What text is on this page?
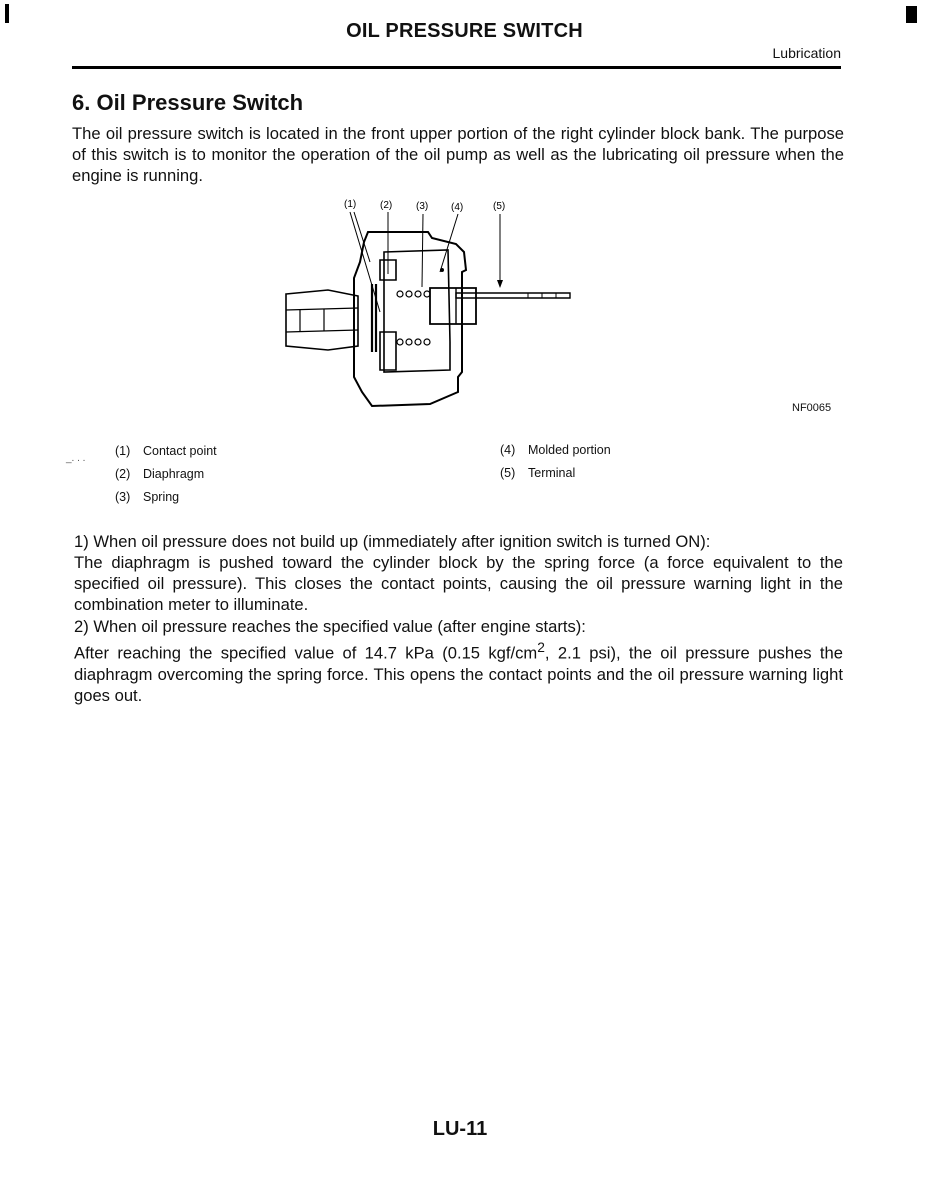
OIL PRESSURE SWITCH
Lubrication
6. Oil Pressure Switch
The oil pressure switch is located in the front upper portion of the right cylinder block bank. The purpose of this switch is to monitor the operation of the oil pump as well as the lubricating oil pressure when the engine is running.
(1) (2) (3) (4)	(5)
NF0065
_. . .
(1) Contact point
(2) Diaphragm
(3) Spring
(4) Molded portion
(5) Terminal
1) When oil pressure does not build up (immediately after ignition switch is turned ON):
The diaphragm is pushed toward the cylinder block by the spring force (a force equivalent to the specified oil pressure). This closes the contact points, causing the oil pressure warning light in the combination meter to illuminate.
2) When oil pressure reaches the specified value (after engine starts):
After reaching the specified value of 14.7 kPa (0.15 kgf/$cm^2$, 2.1 psi), the oil pressure pushes the diaphragm overcoming the spring force. This opens the contact points and the oil pressure warning light goes out.
LU-11
